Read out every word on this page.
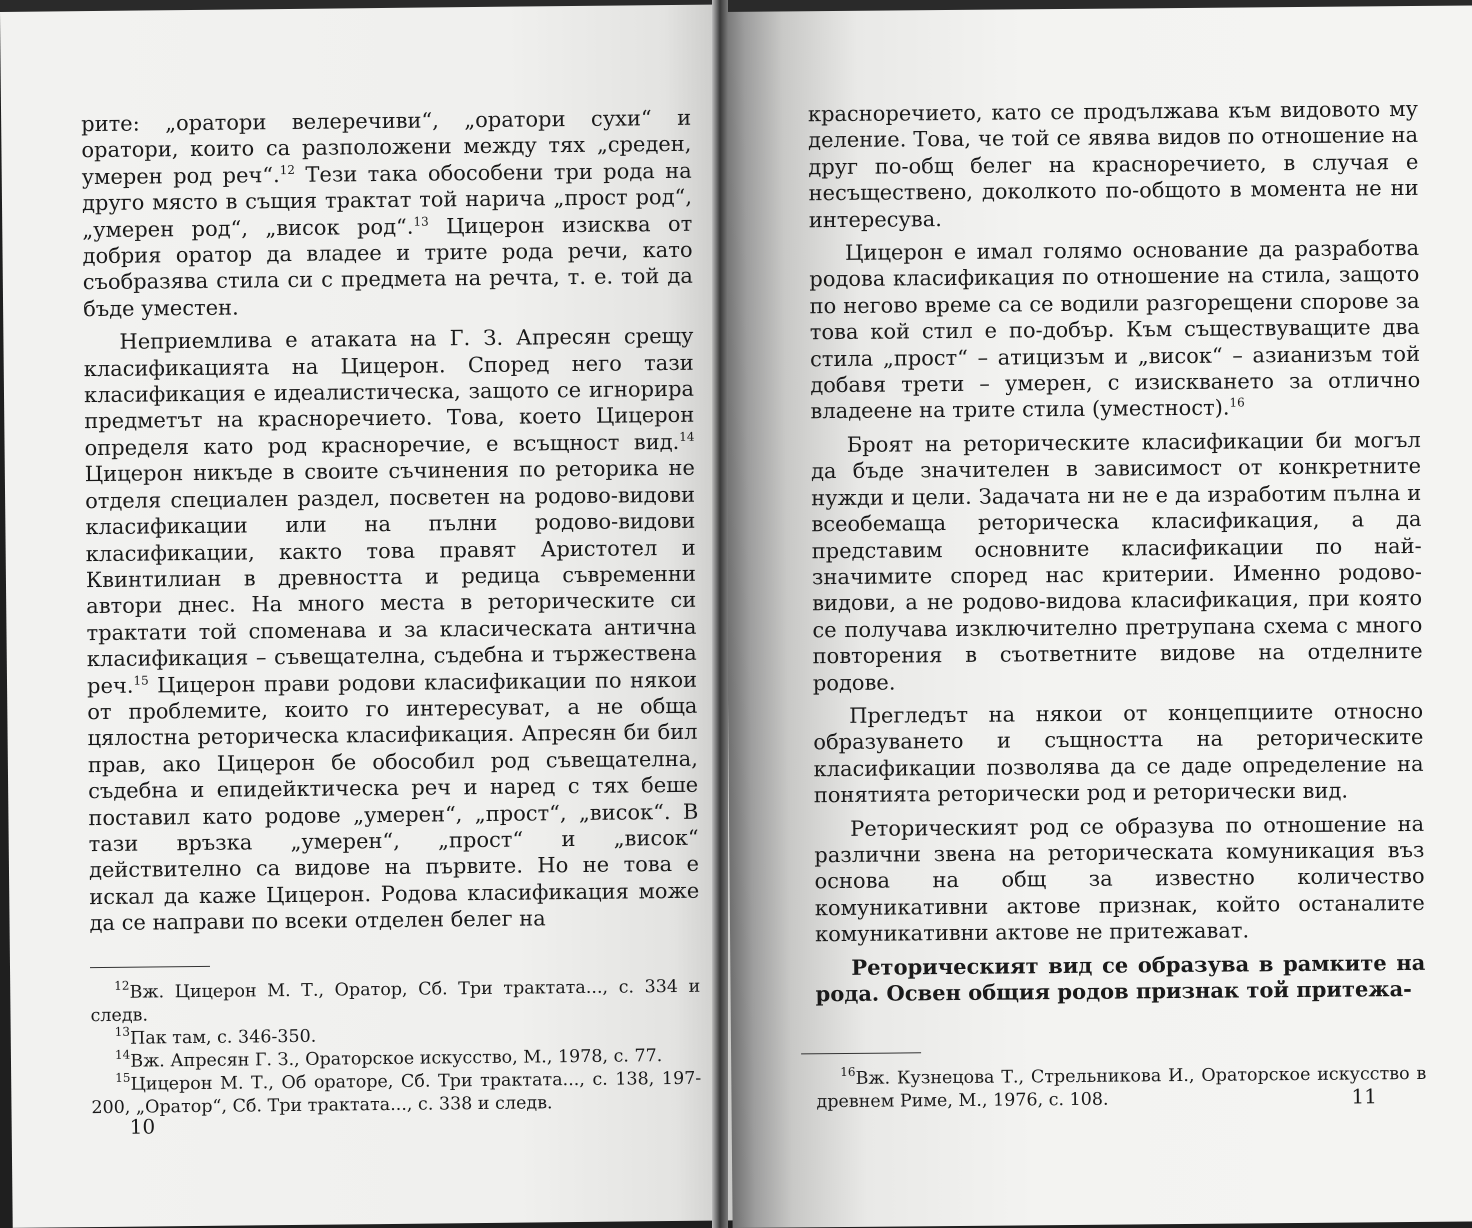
рите: „оратори велеречиви“, „оратори сухи“ и оратори, които са разположени между тях „среден, умерен род реч“.$^{12}$ Тези така обособени три рода на друго място в същия трактат той нарича „прост род“, „умерен род“, „висок род“.$^{13}$ Цицерон изисква от добрия оратор да владее и трите рода речи, като съобразява стила си с предмета на речта, т. е. той да бъде уместен.

Неприемлива е атаката на Г. З. Апресян срещу класификацията на Цицерон. Според него тази класификация е идеалистическа, защото се игнорира предметът на красноречието. Това, което Цицерон определя като род красноречие, е всъщност вид.$^{14}$ Цицерон никъде в своите съчинения по реторика не отделя специален раздел, посветен на родово-видови класификации или на пълни родово-видови класификации, както това правят Аристотел и Квинтилиан в древността и редица съвременни автори днес. На много места в реторическите си трактати той споменава и за класическата антична класификация – съвещателна, съдебна и тържествена реч.$^{15}$ Цицерон прави родови класификации по някои от проблемите, които го интересуват, а не обща цялостна реторическа класификация. Апресян би бил прав, ако Цицерон бе обособил род съвещателна, съдебна и епидейктическа реч и наред с тях беше поставил като родове „умерен“, „прост“, „висок“. В тази връзка „умерен“, „прост“ и „висок“ действително са видове на първите. Но не това е искал да каже Цицерон. Родова класификация може да се направи по всеки отделен белег на

$^{12}$Вж. Цицерон М. Т., Оратор, Сб. Три трактата..., с. 334 и следв.

$^{13}$Пак там, с. 346-350.

$^{14}$Вж. Апресян Г. З., Ораторское искусство, М., 1978, с. 77.

$^{15}$Цицерон М. Т., Об ораторе, Сб. Три трактата..., с. 138, 197-200, „Оратор“, Сб. Три трактата..., с. 338 и следв.

10

красноречието, като се продължава към видовото му деление. Това, че той се явява видов по отношение на друг по-общ белег на красноречието, в случая е несъществено, доколкото по-общото в момента не ни интересува.

Цицерон е имал голямо основание да разработва родова класификация по отношение на стила, защото по негово време са се водили разгорещени спорове за това кой стил е по-добър. Към съществуващите два стила „прост“ – атицизъм и „висок“ – азианизъм той добавя трети – умерен, с изискването за отлично владеене на трите стила (уместност).$^{16}$

Броят на реторическите класификации би могъл да бъде значителен в зависимост от конкретните нужди и цели. Задачата ни не е да изработим пълна и всеобемаща реторическа класификация, а да представим основните класификации по най-значимите според нас критерии. Именно родово-видови, а не родово-видова класификация, при която се получава изключително претрупана схема с много повторения в съответните видове на отделните родове.

Прегледът на някои от концепциите относно образуването и същността на реторическите класификации позволява да се даде определение на понятията реторически род и реторически вид.

Реторическият род се образува по отношение на различни звена на реторическата комуникация въз основа на общ за известно количество комуникативни актове признак, който останалите комуникативни актове не притежават.

Реторическият вид се образува в рамките на рода. Освен общия родов признак той притежа-

$^{16}$Вж. Кузнецова Т., Стрельникова И., Ораторское искусство в древнем Риме, М., 1976, с. 108.	11
